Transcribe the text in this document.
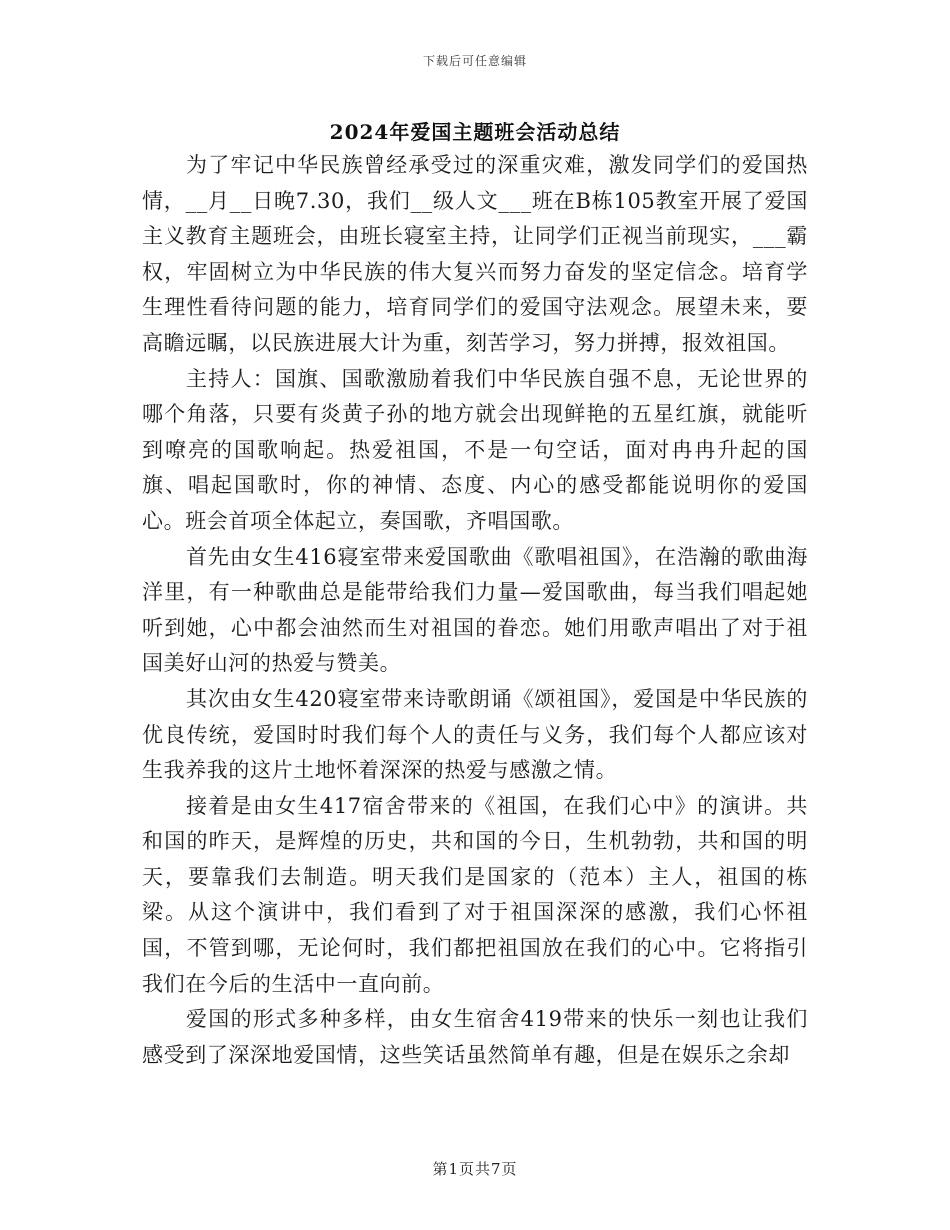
下载后可任意编辑
2024年爱国主题班会活动总结

为了牢记中华民族曾经承受过的深重灾难，激发同学们的爱国热情，__月__日晚7.30，我们__级人文___班在B栋105教室开展了爱国主义教育主题班会，由班长寝室主持，让同学们正视当前现实，___霸权，牢固树立为中华民族的伟大复兴而努力奋发的坚定信念。培育学生理性看待问题的能力，培育同学们的爱国守法观念。展望未来，要高瞻远瞩，以民族进展大计为重，刻苦学习，努力拼搏，报效祖国。

主持人：国旗、国歌激励着我们中华民族自强不息，无论世界的哪个角落，只要有炎黄子孙的地方就会出现鲜艳的五星红旗，就能听到嘹亮的国歌响起。热爱祖国，不是一句空话，面对冉冉升起的国旗、唱起国歌时，你的神情、态度、内心的感受都能说明你的爱国心。班会首项全体起立，奏国歌，齐唱国歌。

首先由女生416寝室带来爱国歌曲《歌唱祖国》，在浩瀚的歌曲海洋里，有一种歌曲总是能带给我们力量—爱国歌曲，每当我们唱起她听到她，心中都会油然而生对祖国的眷恋。她们用歌声唱出了对于祖国美好山河的热爱与赞美。

其次由女生420寝室带来诗歌朗诵《颂祖国》，爱国是中华民族的优良传统，爱国时时我们每个人的责任与义务，我们每个人都应该对生我养我的这片土地怀着深深的热爱与感激之情。

接着是由女生417宿舍带来的《祖国，在我们心中》的演讲。共和国的昨天，是辉煌的历史，共和国的今日，生机勃勃，共和国的明天，要靠我们去制造。明天我们是国家的（范本）主人，祖国的栋梁。从这个演讲中，我们看到了对于祖国深深的感激，我们心怀祖国，不管到哪，无论何时，我们都把祖国放在我们的心中。它将指引我们在今后的生活中一直向前。

爱国的形式多种多样，由女生宿舍419带来的快乐一刻也让我们感受到了深深地爱国情，这些笑话虽然简单有趣，但是在娱乐之余却

第1页共7页
